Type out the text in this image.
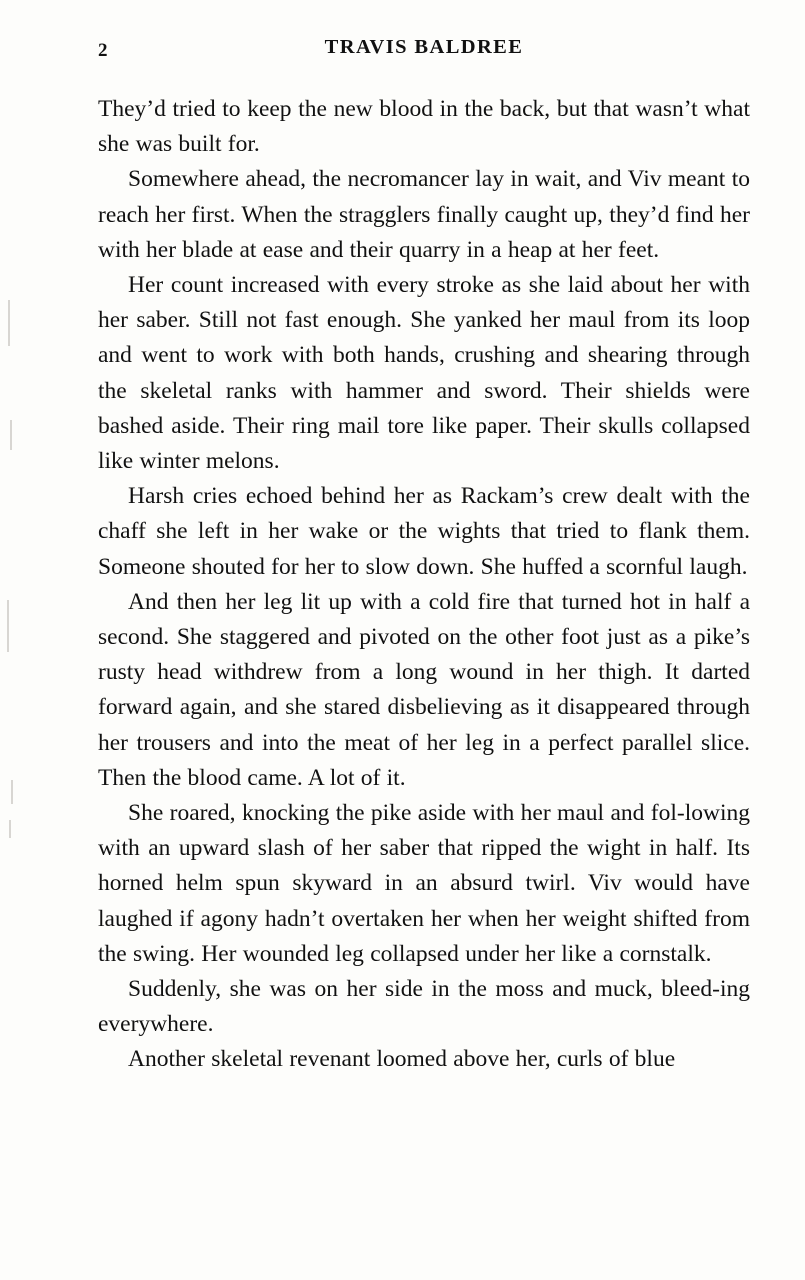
2	TRAVIS BALDREE

They’d tried to keep the new blood in the back, but that wasn’t what she was built for.

Somewhere ahead, the necromancer lay in wait, and Viv meant to reach her first. When the stragglers finally caught up, they’d find her with her blade at ease and their quarry in a heap at her feet.

Her count increased with every stroke as she laid about her with her saber. Still not fast enough. She yanked her maul from its loop and went to work with both hands, crushing and shearing through the skeletal ranks with hammer and sword. Their shields were bashed aside. Their ring mail tore like paper. Their skulls collapsed like winter melons.

Harsh cries echoed behind her as Rackam’s crew dealt with the chaff she left in her wake or the wights that tried to flank them. Someone shouted for her to slow down. She huffed a scornful laugh.

And then her leg lit up with a cold fire that turned hot in half a second. She staggered and pivoted on the other foot just as a pike’s rusty head withdrew from a long wound in her thigh. It darted forward again, and she stared disbelieving as it disappeared through her trousers and into the meat of her leg in a perfect parallel slice. Then the blood came. A lot of it.

She roared, knocking the pike aside with her maul and fol-lowing with an upward slash of her saber that ripped the wight in half. Its horned helm spun skyward in an absurd twirl. Viv would have laughed if agony hadn’t overtaken her when her weight shifted from the swing. Her wounded leg collapsed under her like a cornstalk.

Suddenly, she was on her side in the moss and muck, bleed-ing everywhere.

Another skeletal revenant loomed above her, curls of blue
